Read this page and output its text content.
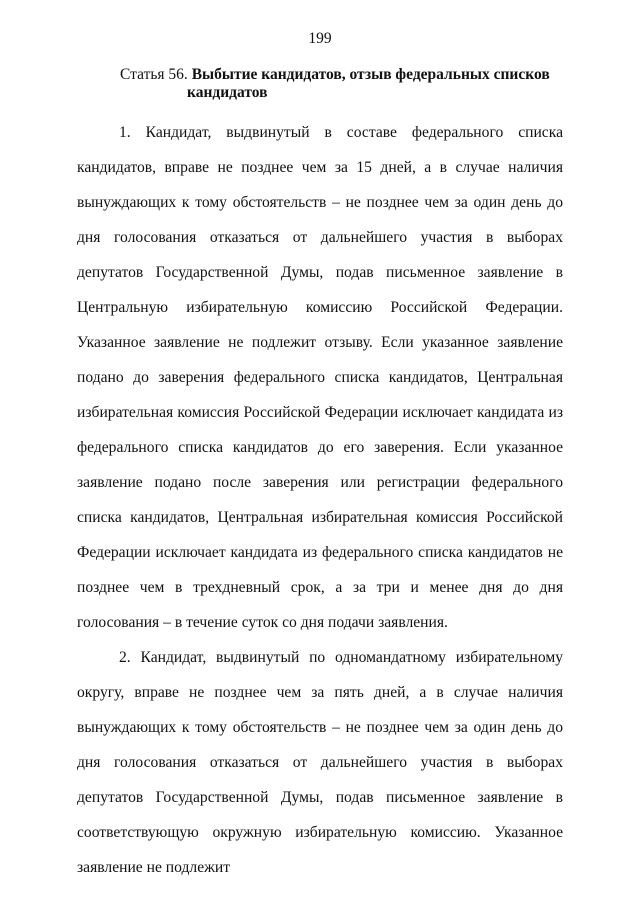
199
Статья 56. Выбытие кандидатов, отзыв федеральных списков
кандидатов

1. Кандидат, выдвинутый в составе федерального списка кандидатов, вправе не позднее чем за 15 дней, а в случае наличия вынуждающих к тому обстоятельств – не позднее чем за один день до дня голосования отказаться от дальнейшего участия в выборах депутатов Государственной Думы, подав письменное заявление в Центральную избирательную комиссию Российской Федерации. Указанное заявление не подлежит отзыву. Если указанное заявление подано до заверения федерального списка кандидатов, Центральная избирательная комиссия Российской Федерации исключает кандидата из федерального списка кандидатов до его заверения. Если указанное заявление подано после заверения или регистрации федерального списка кандидатов, Центральная избирательная комиссия Российской Федерации исключает кандидата из федерального списка кандидатов не позднее чем в трехдневный срок, а за три и менее дня до дня голосования – в течение суток со дня подачи заявления.

2. Кандидат, выдвинутый по одномандатному избирательному округу, вправе не позднее чем за пять дней, а в случае наличия вынуждающих к тому обстоятельств – не позднее чем за один день до дня голосования отказаться от дальнейшего участия в выборах депутатов Государственной Думы, подав письменное заявление в соответствующую окружную избирательную комиссию. Указанное заявление не подлежит
